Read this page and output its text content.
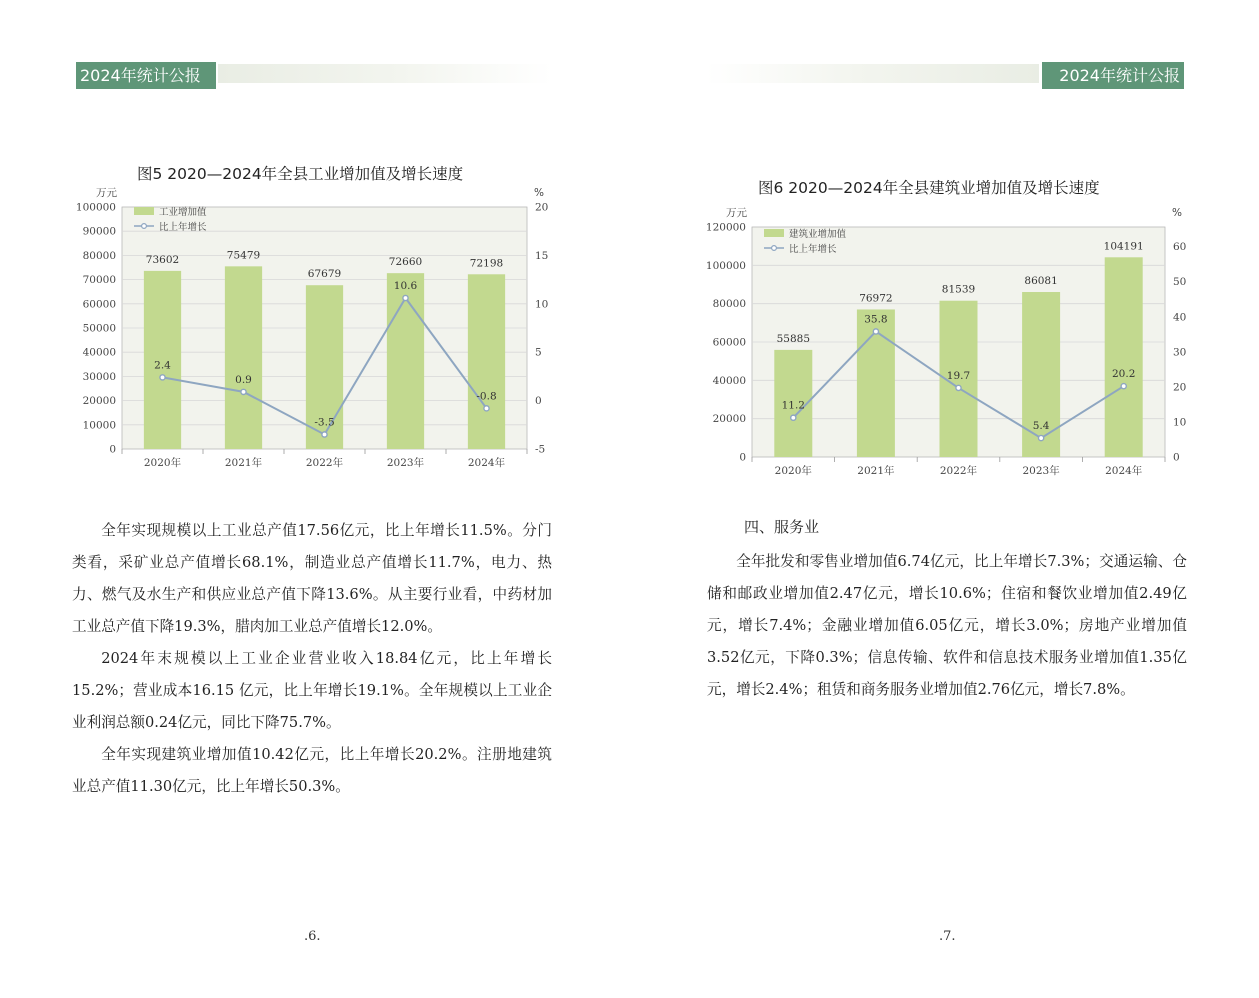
2024年统计公报
图5 2020—2024年全县工业增加值及增长速度
0
10000
20000
30000
40000
50000
60000
70000
80000
90000
100000
-5
0
5
10
15
20
万元	%
2020年	2021年	2022年	2023年	2024年
73602	75479
67679
72660	72198
2.4
0.9
-3.5
10.6
-0.8
工业增加值
比上年增长

全年实现规模以上工业总产值17.56亿元，比上年增长11.5%。分门类看，采矿业总产值增长68.1%，制造业总产值增长11.7%，电力、热力、燃气及水生产和供应业总产值下降13.6%。从主要行业看，中药材加工业总产值下降19.3%，腊肉加工业总产值增长12.0%。

2024年末规模以上工业企业营业收入18.84亿元，比上年增长15.2%；营业成本16.15 亿元，比上年增长19.1%。全年规模以上工业企业利润总额0.24亿元，同比下降75.7%。

全年实现建筑业增加值10.42亿元，比上年增长20.2%。注册地建筑业总产值11.30亿元，比上年增长50.3%。

.6.
2024年统计公报
图6 2020—2024年全县建筑业增加值及增长速度
0
20000
40000
60000
80000
100000
120000
0
10
20
30
40
50
60
万元	%
2020年	2021年	2022年	2023年	2024年
55885
76972
81539
86081
104191
11.2
35.8
19.7
5.4
20.2
建筑业增加值
比上年增长
四、服务业

全年批发和零售业增加值6.74亿元，比上年增长7.3%；交通运输、仓储和邮政业增加值2.47亿元，增长10.6%；住宿和餐饮业增加值2.49亿元，增长7.4%；金融业增加值6.05亿元，增长3.0%；房地产业增加值3.52亿元，下降0.3%；信息传输、软件和信息技术服务业增加值1.35亿元，增长2.4%；租赁和商务服务业增加值2.76亿元，增长7.8%。

.7.
